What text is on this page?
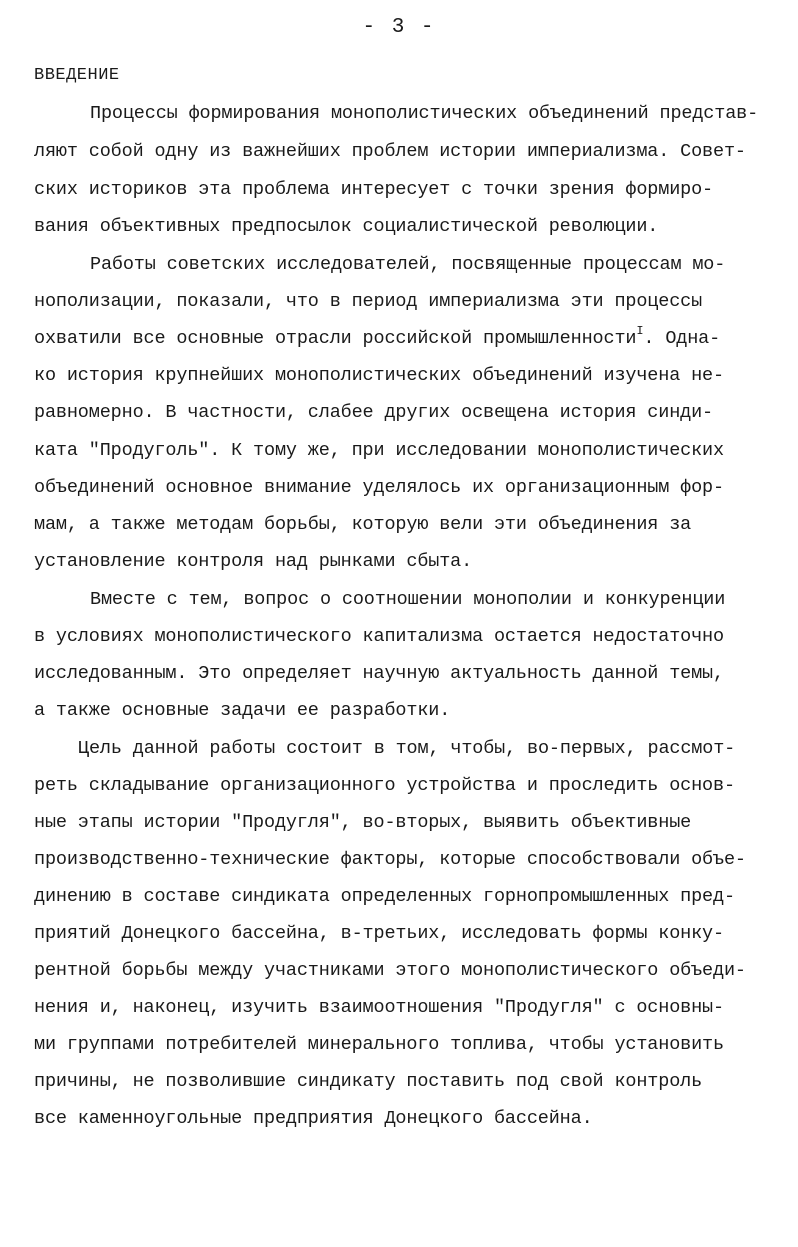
- 3 -
ВВЕДЕНИЕ
Процессы формирования монополистических объединений представ-
ляют собой одну из важнейших проблем истории империализма. Совет-
ских историков эта проблема интересует с точки зрения формиро-
вания объективных предпосылок социалистической революции.
Работы советских исследователей, посвященные процессам мо-
нополизации, показали, что в период империализма эти процессы
охватили все основные отрасли российской промышленности$^I$. Одна-
ко история крупнейших монополистических объединений изучена не-
равномерно. В частности, слабее других освещена история синди-
ката "Продуголь". К тому же, при исследовании монополистических
объединений основное внимание уделялось их организационным фор-
мам, а также методам борьбы, которую вели эти объединения за
установление контроля над рынками сбыта.
Вместе с тем, вопрос о соотношении монополии и конкуренции
в условиях монополистического капитализма остается недостаточно
исследованным. Это определяет научную актуальность данной темы,
а также основные задачи ее разработки.
Цель данной работы состоит в том, чтобы, во-первых, рассмот-
реть складывание организационного устройства и проследить основ-
ные этапы истории "Продугля", во-вторых, выявить объективные
производственно-технические факторы, которые способствовали объе-
динению в составе синдиката определенных горнопромышленных пред-
приятий Донецкого бассейна, в-третьих, исследовать формы конку-
рентной борьбы между участниками этого монополистического объеди-
нения и, наконец, изучить взаимоотношения "Продугля" с основны-
ми группами потребителей минерального топлива, чтобы установить
причины, не позволившие синдикату поставить под свой контроль
все каменноугольные предприятия Донецкого бассейна.
